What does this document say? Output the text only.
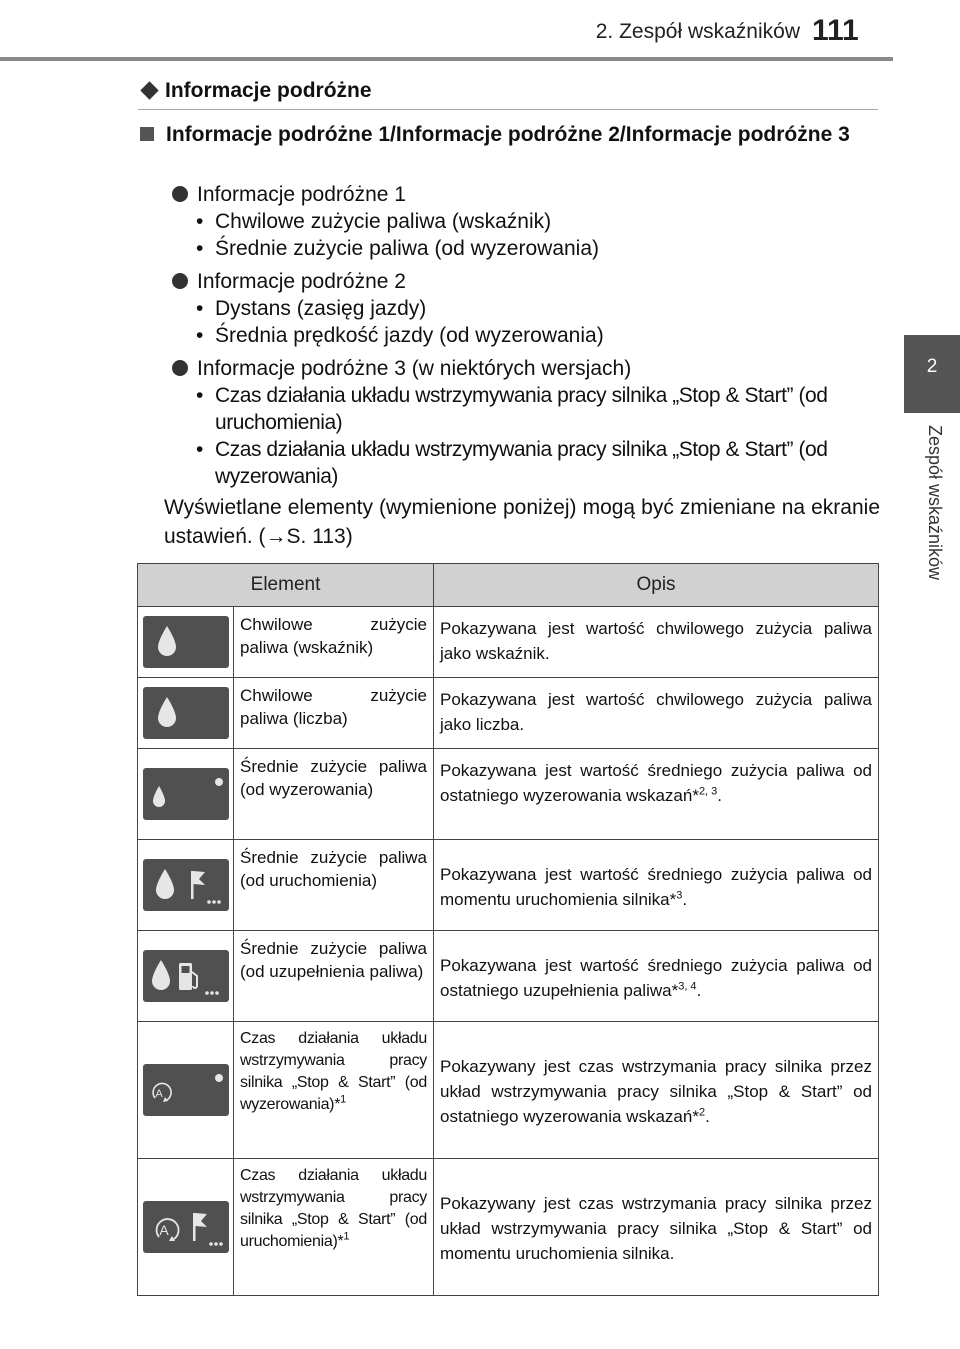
2. Zespół wskaźników 111
2
Zespół wskaźników
Informacje podróżne
Informacje podróżne 1/Informacje podróżne 2/Informacje podróżne 3
Informacje podróżne 1
• Chwilowe zużycie paliwa (wskaźnik)
• Średnie zużycie paliwa (od wyzerowania)
Informacje podróżne 2
• Dystans (zasięg jazdy)
• Średnia prędkość jazdy (od wyzerowania)
Informacje podróżne 3 (w niektórych wersjach)
• Czas działania układu wstrzymywania pracy silnika „Stop & Start” (od uruchomienia)
• Czas działania układu wstrzymywania pracy silnika „Stop & Start” (od wyzerowania)
Wyświetlane elementy (wymienione poniżej) mogą być zmieniane na ekranie ustawień. (→S. 113)
Element		Opis

	Chwilowe zużycie paliwa (wskaźnik)	Pokazywana jest wartość chwilowego zużycia paliwa jako wskaźnik.

	Chwilowe zużycie paliwa (liczba)	Pokazywana jest wartość chwilowego zużycia paliwa jako liczba.

	Średnie zużycie paliwa (od wyzerowania)	Pokazywana jest wartość średniego zużycia paliwa od ostatniego wyzerowania wskazań*$^{2, 3}$.

	Średnie zużycie paliwa (od uruchomienia)	Pokazywana jest wartość średniego zużycia paliwa od momentu uruchomienia silnika*$^3$.

	Średnie zużycie paliwa (od uzupełnienia paliwa)	Pokazywana jest wartość średniego zużycia paliwa od ostatniego uzupełnienia paliwa*$^{3, 4}$.

A	Czas działania układu wstrzymywania pracy silnika „Stop & Start” (od wyzerowania)*$^1$	Pokazywany jest czas wstrzymania pracy silnika przez układ wstrzymywania pracy silnika „Stop & Start” od ostatniego wyzerowania wskazań*$^2$.

A	Czas działania układu wstrzymywania pracy silnika „Stop & Start” (od uruchomienia)*$^1$	Pokazywany jest czas wstrzymania pracy silnika przez układ wstrzymywania pracy silnika „Stop & Start” od momentu uruchomienia silnika.
